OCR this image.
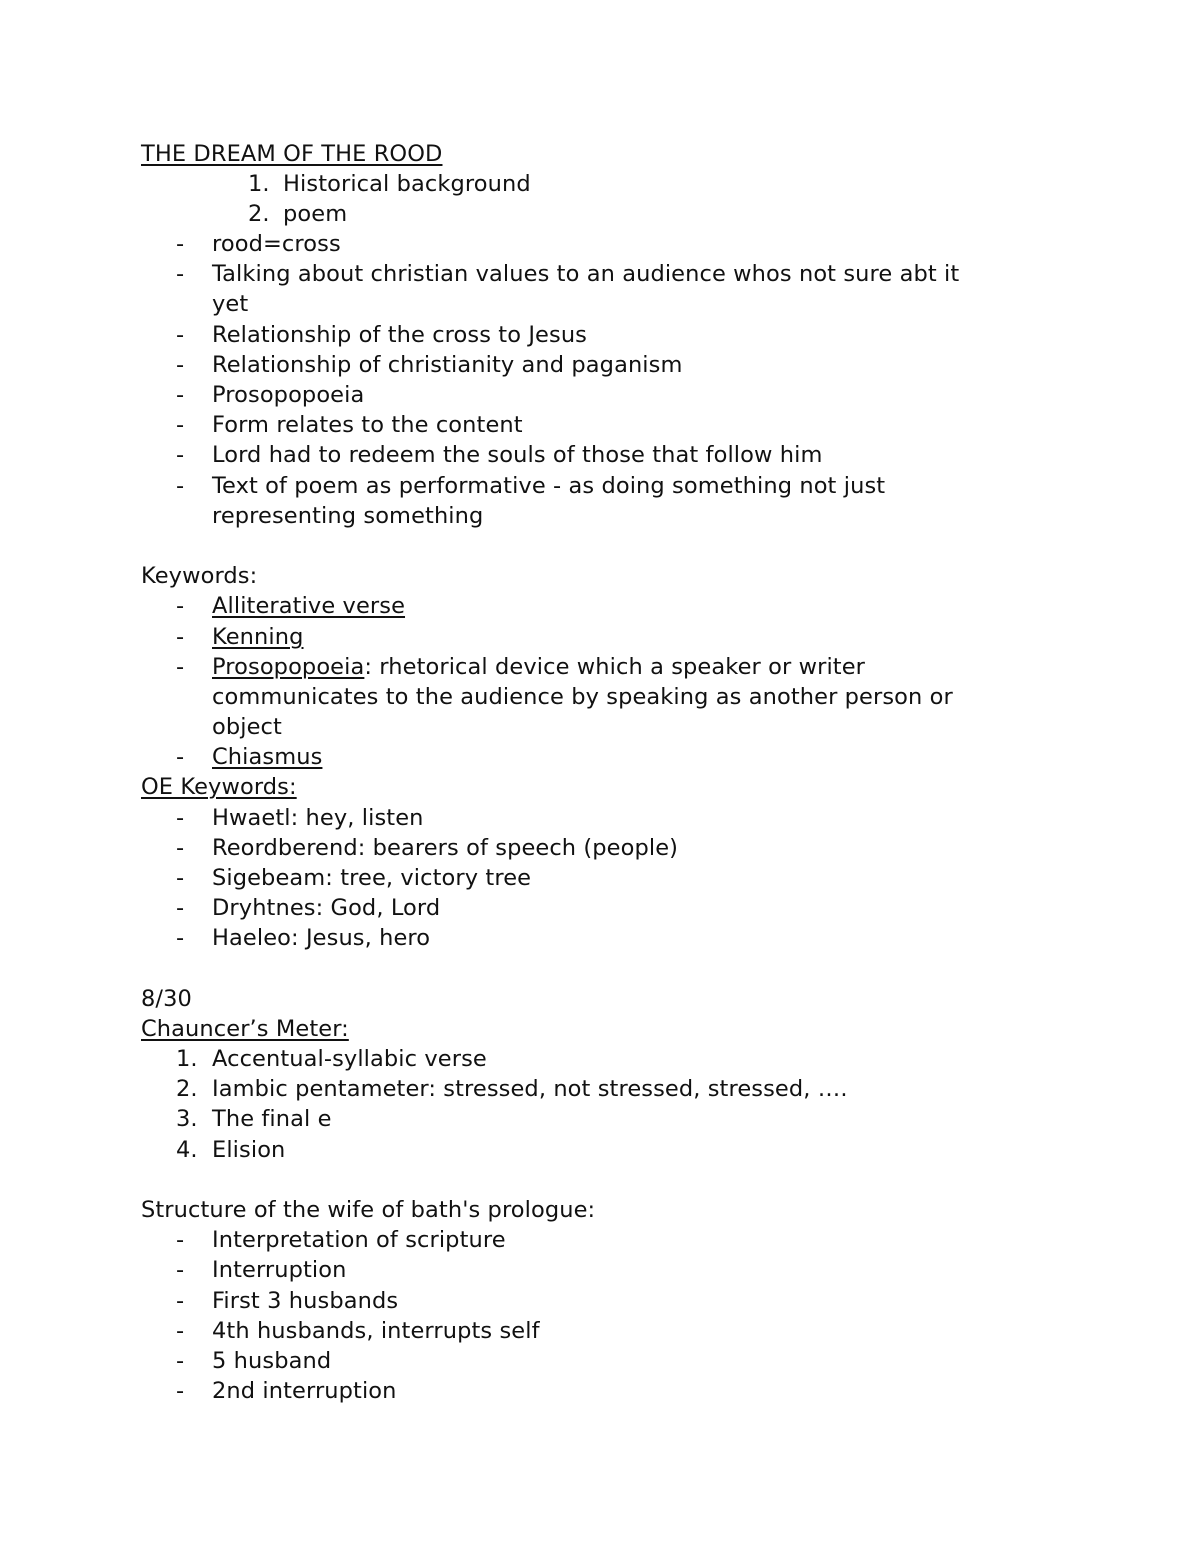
THE DREAM OF THE ROOD
1. Historical background
2. poem
- rood=cross
- Talking about christian values to an audience whos not sure abt it
yet
- Relationship of the cross to Jesus
- Relationship of christianity and paganism
- Prosopopoeia
- Form relates to the content
- Lord had to redeem the souls of those that follow him
- Text of poem as performative - as doing something not just
representing something
Keywords:
- Alliterative verse
- Kenning
- Prosopopoeia: rhetorical device which a speaker or writer
communicates to the audience by speaking as another person or
object
- Chiasmus
OE Keywords:
- Hwaetl: hey, listen
- Reordberend: bearers of speech (people)
- Sigebeam: tree, victory tree
- Dryhtnes: God, Lord
- Haeleo: Jesus, hero
8/30
Chauncer’s Meter:
1. Accentual-syllabic verse
2. Iambic pentameter: stressed, not stressed, stressed, ….
3. The final e
4. Elision
Structure of the wife of bath's prologue:
- Interpretation of scripture
- Interruption
- First 3 husbands
- 4th husbands, interrupts self
- 5 husband
- 2nd interruption
